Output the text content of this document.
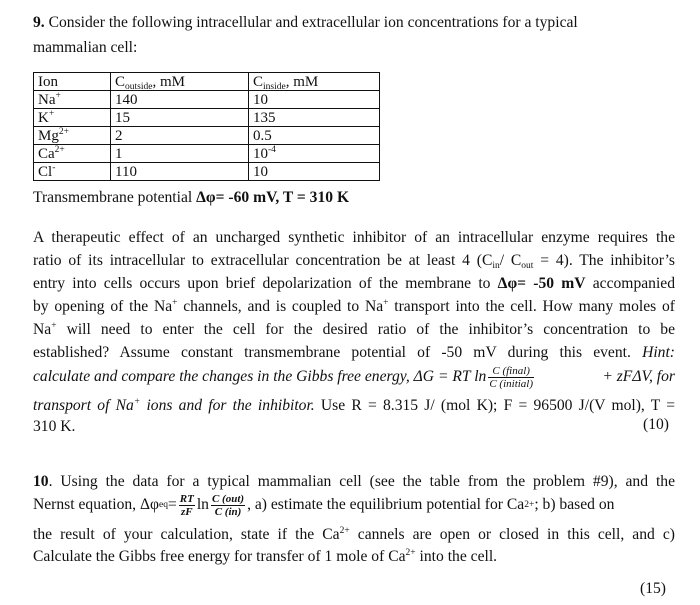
9. Consider the following intracellular and extracellular ion concentrations for a typical
mammalian cell:
Ion	$C_{outside}$, mM	$C_{inside}$, mM
Na+	140	10
K+	15	135
$Mg^{2+}$	2	0.5
$Ca^{2+}$	1	$10^{-4}$
Cl-	110	10
Transmembrane potential Δφ= -60 mV, T = 310 K
A therapeutic effect of an uncharged synthetic inhibitor of an intracellular enzyme requires the
ratio of its intracellular to extracellular concentration be at least 4 ($C_{in}/$ $C_{out} = 4$). The inhibitor’s
entry into cells occurs upon brief depolarization of the membrane to Δφ= -50 mV accompanied
by opening of the Na+ channels, and is coupled to Na+ transport into the cell. How many moles of
Na+ will need to enter the cell for the desired ratio of the inhibitor’s concentration to be
established? Assume constant transmembrane potential of -50 mV during this event. Hint:
calculate and compare the changes in the Gibbs free energy, ΔG = RT $\ln \frac{\text{C (final)}}{\text{C (initial)}}$	+ zFΔV, for
transport of Na+ ions and for the inhibitor. Use R = 8.315 J/ (mol K); F = 96500 J/(V mol), T =
310 K.	(10)
10. Using the data for a typical mammalian cell (see the table from the problem #9), and the
Nernst equation, Δφ eq = $\frac{RT}{zF}$ $\ln \frac{\text{C (out)}}{C (in)}$ , a) estimate the equilibrium potential for Ca 2+ ; b) based on
the result of your calculation, state if the $Ca^{2+}$ cannels are open or closed in this cell, and c)
Calculate the Gibbs free energy for transfer of 1 mole of $Ca^{2+}$ into the cell.
(15)
